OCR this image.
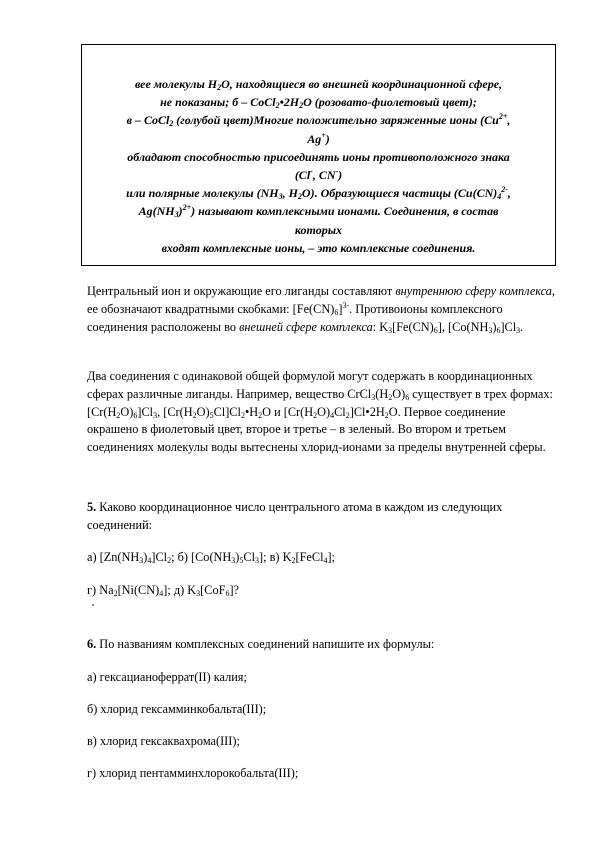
вее молекулы $H_2O$, находящиеся во внешней координационной сфере,

не показаны; б – $CoCl_2•2H_2O$ (розовато-фиолетовый цвет);

в – CoCl$_2$ (голубой цвет)Многие положительно заряженные ионы ($Cu^{2+}$,

Ag+)

обладают способностью присоединять ионы противоположного знака

(Cl-, CN-)

или полярные молекулы ($NH_3$, $H_2O$). Образующиеся частицы ($Cu(CN)_4^{2-}$,

$Ag(NH_3)^{2+}$) называют комплексными ионами. Соединения, в состав

которых

входят комплексные ионы, – это комплексные соединения.

Центральный ион и окружающие его лиганды составляют внутреннюю сферу комплекса, ее обозначают квадратными скобками: $[Fe(CN)_6]^{3-}$. Противоионы комплексного соединения расположены во внешней сфере комплекса: $K_3[Fe(CN)_6]$, $[Co(NH_3)_6]Cl_3$.

Два соединения с одинаковой общей формулой могут содержать в координационных сферах различные лиганды. Например, вещество $CrCl_3(H_2O)_6$ существует в трех формах: $[Cr(H_2O)_6]Cl_3$, $[Cr(H_2O)_5Cl]Cl_2•H_2O$ и $[Cr(H_2O)_4Cl_2]Cl•2H_2O$. Первое соединение окрашено в фиолетовый цвет, второе и третье – в зеленый. Во втором и третьем соединениях молекулы воды вытеснены хлорид-ионами за пределы внутренней сферы.

5. Каково координационное число центрального атома в каждом из следующих соединений:

а) $[Zn(NH_3)_4]Cl_2$; б) $[Co(NH_3)_5Cl_3]$; в) $K_2[FeCl_4]$;

г) $Na_2[Ni(CN)_4]$; д) $K_3[CoF_6]$?

6. По названиям комплексных соединений напишите их формулы:

а) гексацианоферрат(II) калия;

б) хлорид гексамминкобальта(III);

в) хлорид гексаквахрома(III);

г) хлорид пентамминхлорокобальта(III);
